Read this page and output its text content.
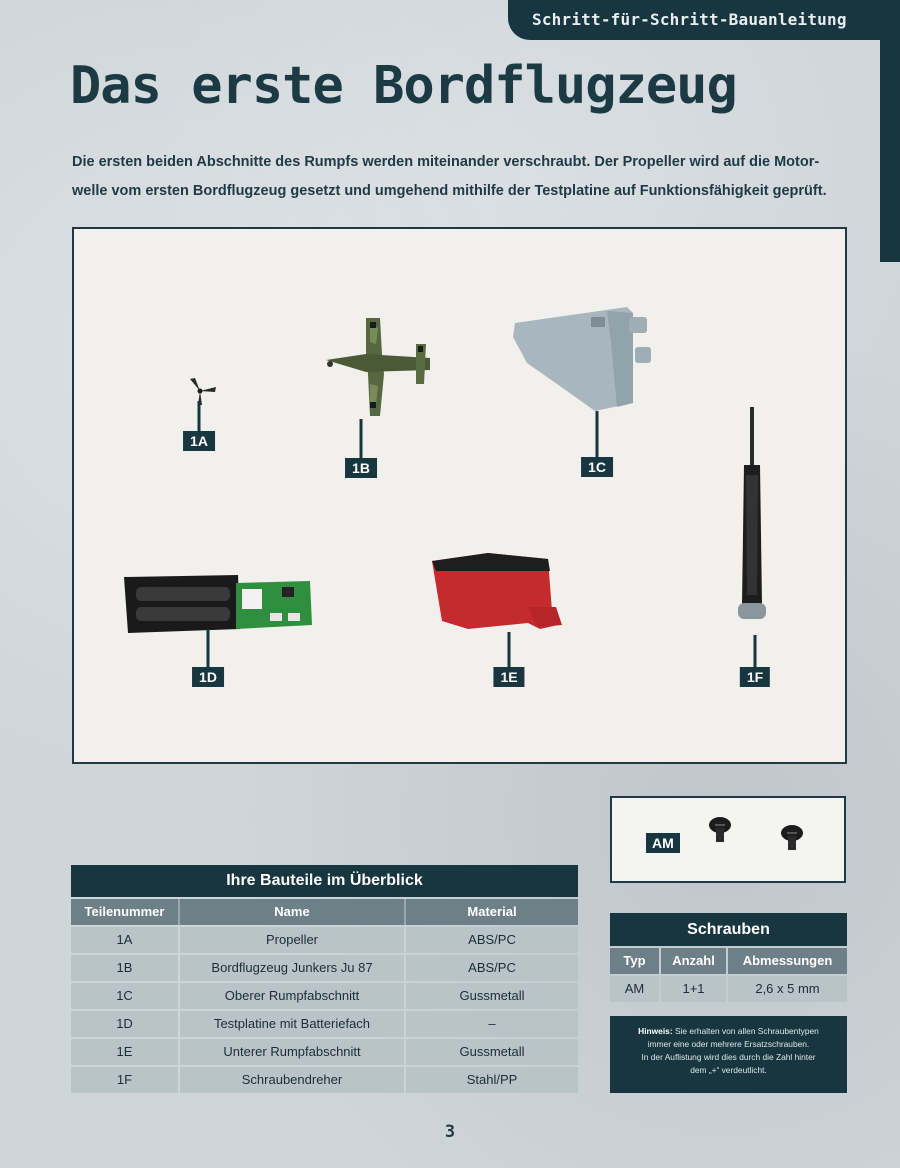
Schritt-für-Schritt-Bauanleitung
Das erste Bordflugzeug
Die ersten beiden Abschnitte des Rumpfs werden miteinander verschraubt. Der Propeller wird auf die Motor-
welle vom ersten Bordflugzeug gesetzt und umgehend mithilfe der Testplatine auf Funktionsfähigkeit geprüft.
1A
1B	1C
1F
1D	1E
AM
Ihre Bauteile im Überblick
Teilenummer	Name	Material
1A	Propeller	ABS/PC
1B	Bordflugzeug Junkers Ju 87	ABS/PC
1C	Oberer Rumpfabschnitt	Gussmetall
1D	Testplatine mit Batteriefach	–
1E	Unterer Rumpfabschnitt	Gussmetall
1F	Schraubendreher	Stahl/PP
Schrauben
Typ	Anzahl	Abmessungen
AM	1+1	2,6 x 5 mm
Hinweis: Sie erhalten von allen Schraubentypen
immer eine oder mehrere Ersatzschrauben.
In der Auflistung wird dies durch die Zahl hinter
dem „+“ verdeutlicht.
3
